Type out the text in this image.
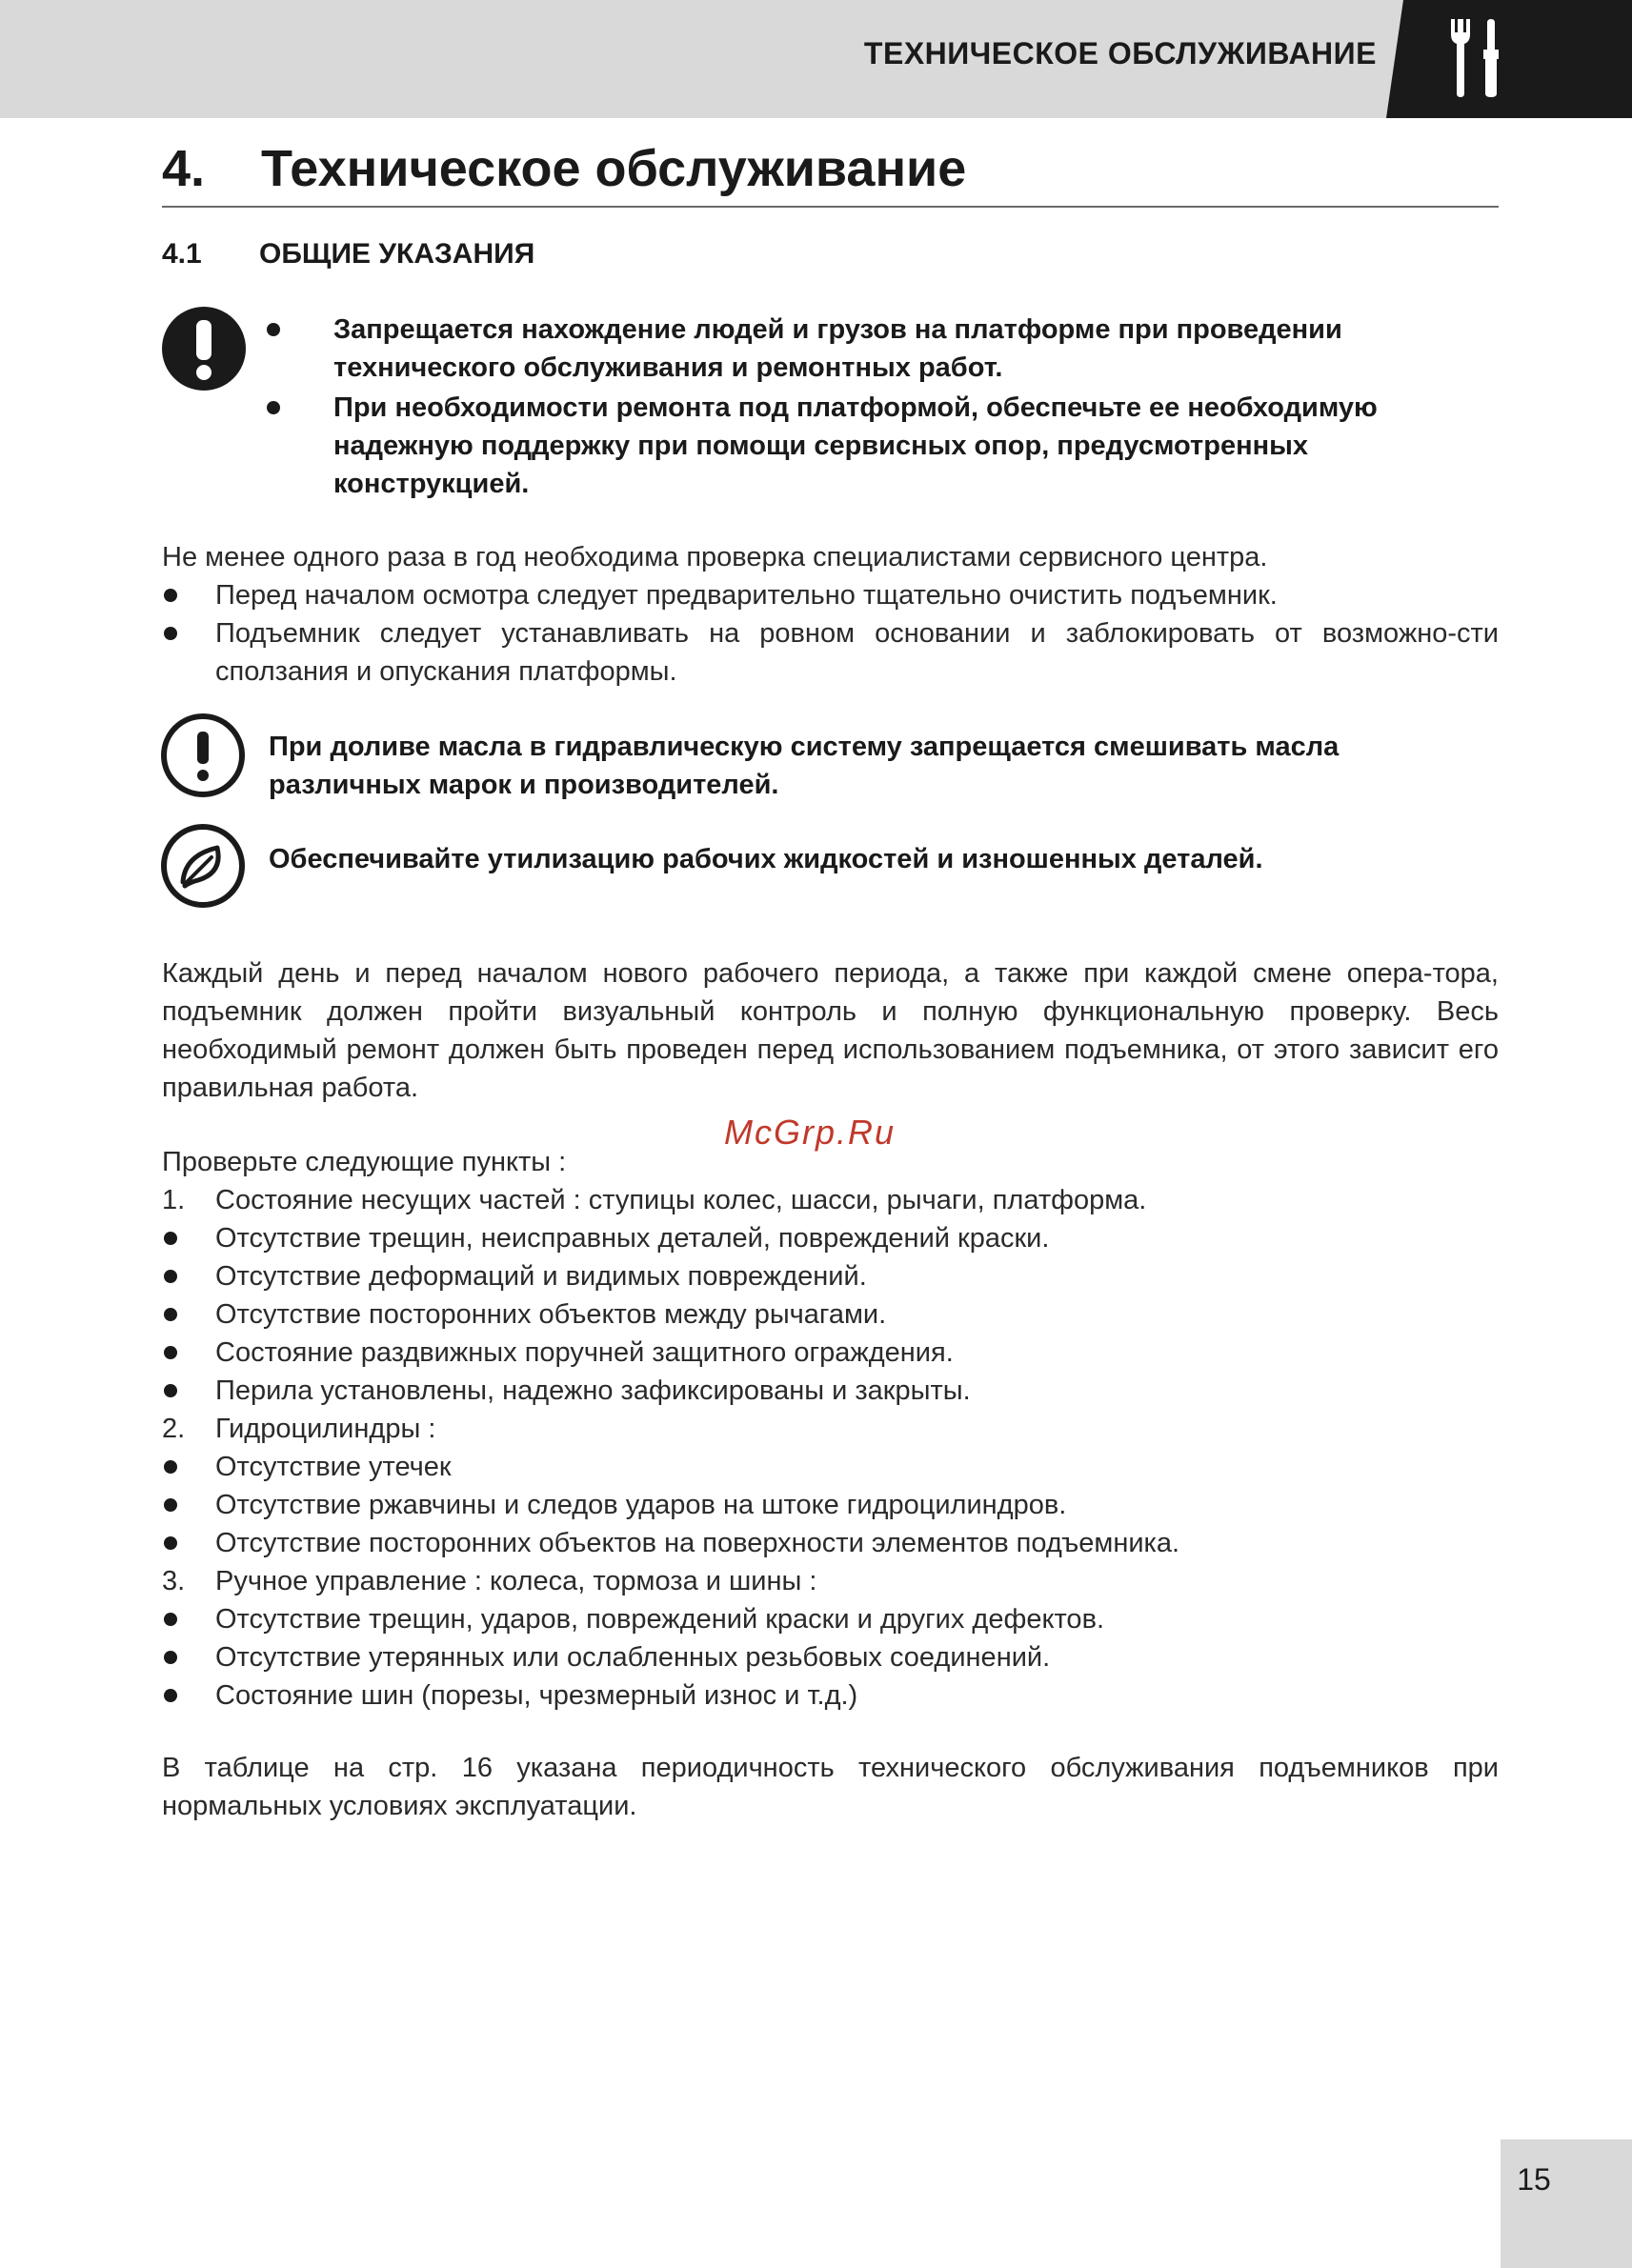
ТЕХНИЧЕСКОЕ ОБСЛУЖИВАНИЕ
4. Техническое обслуживание
4.1 ОБЩИЕ УКАЗАНИЯ
Запрещается нахождение людей и грузов на платформе при проведении технического обслуживания и ремонтных работ.
При необходимости ремонта под платформой, обеспечьте ее необходимую надежную поддержку при помощи сервисных опор, предусмотренных конструкцией.

Не менее одного раза в год необходима проверка специалистами сервисного центра.

Перед началом осмотра следует предварительно тщательно очистить подъемник.
Подъемник следует устанавливать на ровном основании и заблокировать от возможно-сти сползания и опускания платформы.

При доливе масла в гидравлическую систему запрещается смешивать масла различных марок и производителей.

Обеспечивайте утилизацию рабочих жидкостей и изношенных деталей.

Каждый день и перед началом нового рабочего периода, а также при каждой смене опера-тора, подъемник должен пройти визуальный контроль и полную функциональную проверку. Весь необходимый ремонт должен быть проведен перед использованием подъемника, от этого зависит его правильная работа.

McGrp.Ru

Проверьте следующие пункты :

1. Состояние несущих частей : ступицы колес, шасси, рычаги, платформа.
Отсутствие трещин, неисправных деталей, повреждений краски.
Отсутствие деформаций и видимых повреждений.
Отсутствие посторонних объектов между рычагами.
Состояние раздвижных поручней защитного ограждения.
Перила установлены, надежно зафиксированы и закрыты.
2. Гидроцилиндры :
Отсутствие утечек
Отсутствие ржавчины и следов ударов на штоке гидроцилиндров.
Отсутствие посторонних объектов на поверхности элементов подъемника.
3. Ручное управление : колеса, тормоза и шины :
Отсутствие трещин, ударов, повреждений краски и других дефектов.
Отсутствие утерянных или ослабленных резьбовых соединений.
Состояние шин (порезы, чрезмерный износ и т.д.)

В таблице на стр. 16 указана периодичность технического обслуживания подъемников при нормальных условиях эксплуатации.

15
